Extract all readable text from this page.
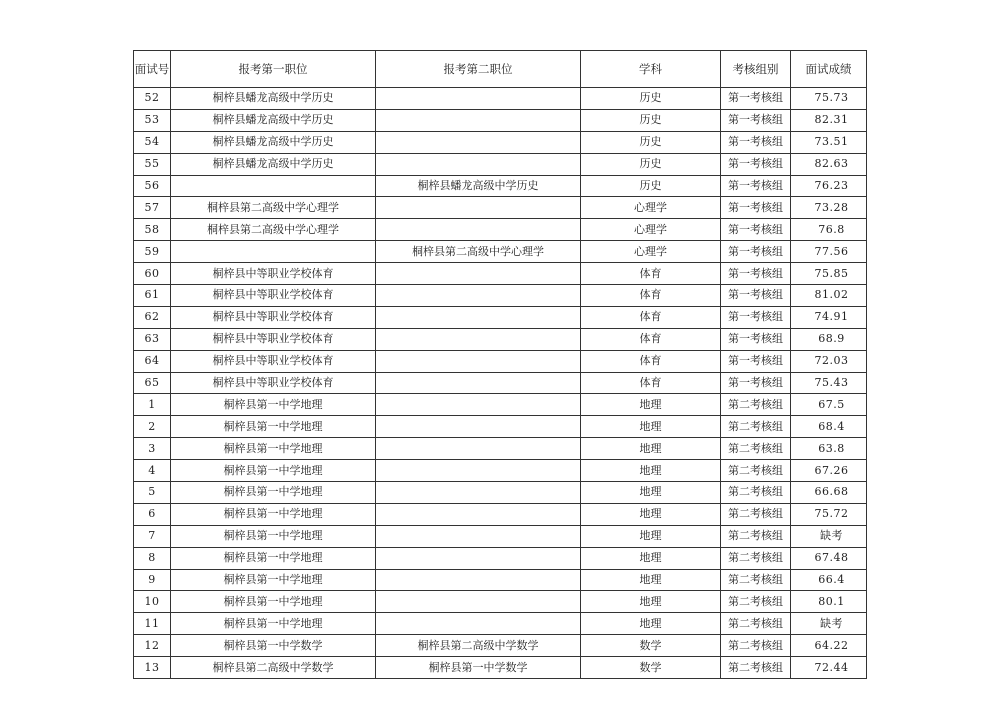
面试号	报考第一职位	报考第二职位	学科	考核组别	面试成绩
52	桐梓县蟠龙高级中学历史		历史	第一考核组	75.73
53	桐梓县蟠龙高级中学历史		历史	第一考核组	82.31
54	桐梓县蟠龙高级中学历史		历史	第一考核组	73.51
55	桐梓县蟠龙高级中学历史		历史	第一考核组	82.63
56		桐梓县蟠龙高级中学历史	历史	第一考核组	76.23
57	桐梓县第二高级中学心理学		心理学	第一考核组	73.28
58	桐梓县第二高级中学心理学		心理学	第一考核组	76.8
59		桐梓县第二高级中学心理学	心理学	第一考核组	77.56
60	桐梓县中等职业学校体育		体育	第一考核组	75.85
61	桐梓县中等职业学校体育		体育	第一考核组	81.02
62	桐梓县中等职业学校体育		体育	第一考核组	74.91
63	桐梓县中等职业学校体育		体育	第一考核组	68.9
64	桐梓县中等职业学校体育		体育	第一考核组	72.03
65	桐梓县中等职业学校体育		体育	第一考核组	75.43
1	桐梓县第一中学地理		地理	第二考核组	67.5
2	桐梓县第一中学地理		地理	第二考核组	68.4
3	桐梓县第一中学地理		地理	第二考核组	63.8
4	桐梓县第一中学地理		地理	第二考核组	67.26
5	桐梓县第一中学地理		地理	第二考核组	66.68
6	桐梓县第一中学地理		地理	第二考核组	75.72
7	桐梓县第一中学地理		地理	第二考核组	缺考
8	桐梓县第一中学地理		地理	第二考核组	67.48
9	桐梓县第一中学地理		地理	第二考核组	66.4
10	桐梓县第一中学地理		地理	第二考核组	80.1
11	桐梓县第一中学地理		地理	第二考核组	缺考
12	桐梓县第一中学数学	桐梓县第二高级中学数学	数学	第二考核组	64.22
13	桐梓县第二高级中学数学	桐梓县第一中学数学	数学	第二考核组	72.44
